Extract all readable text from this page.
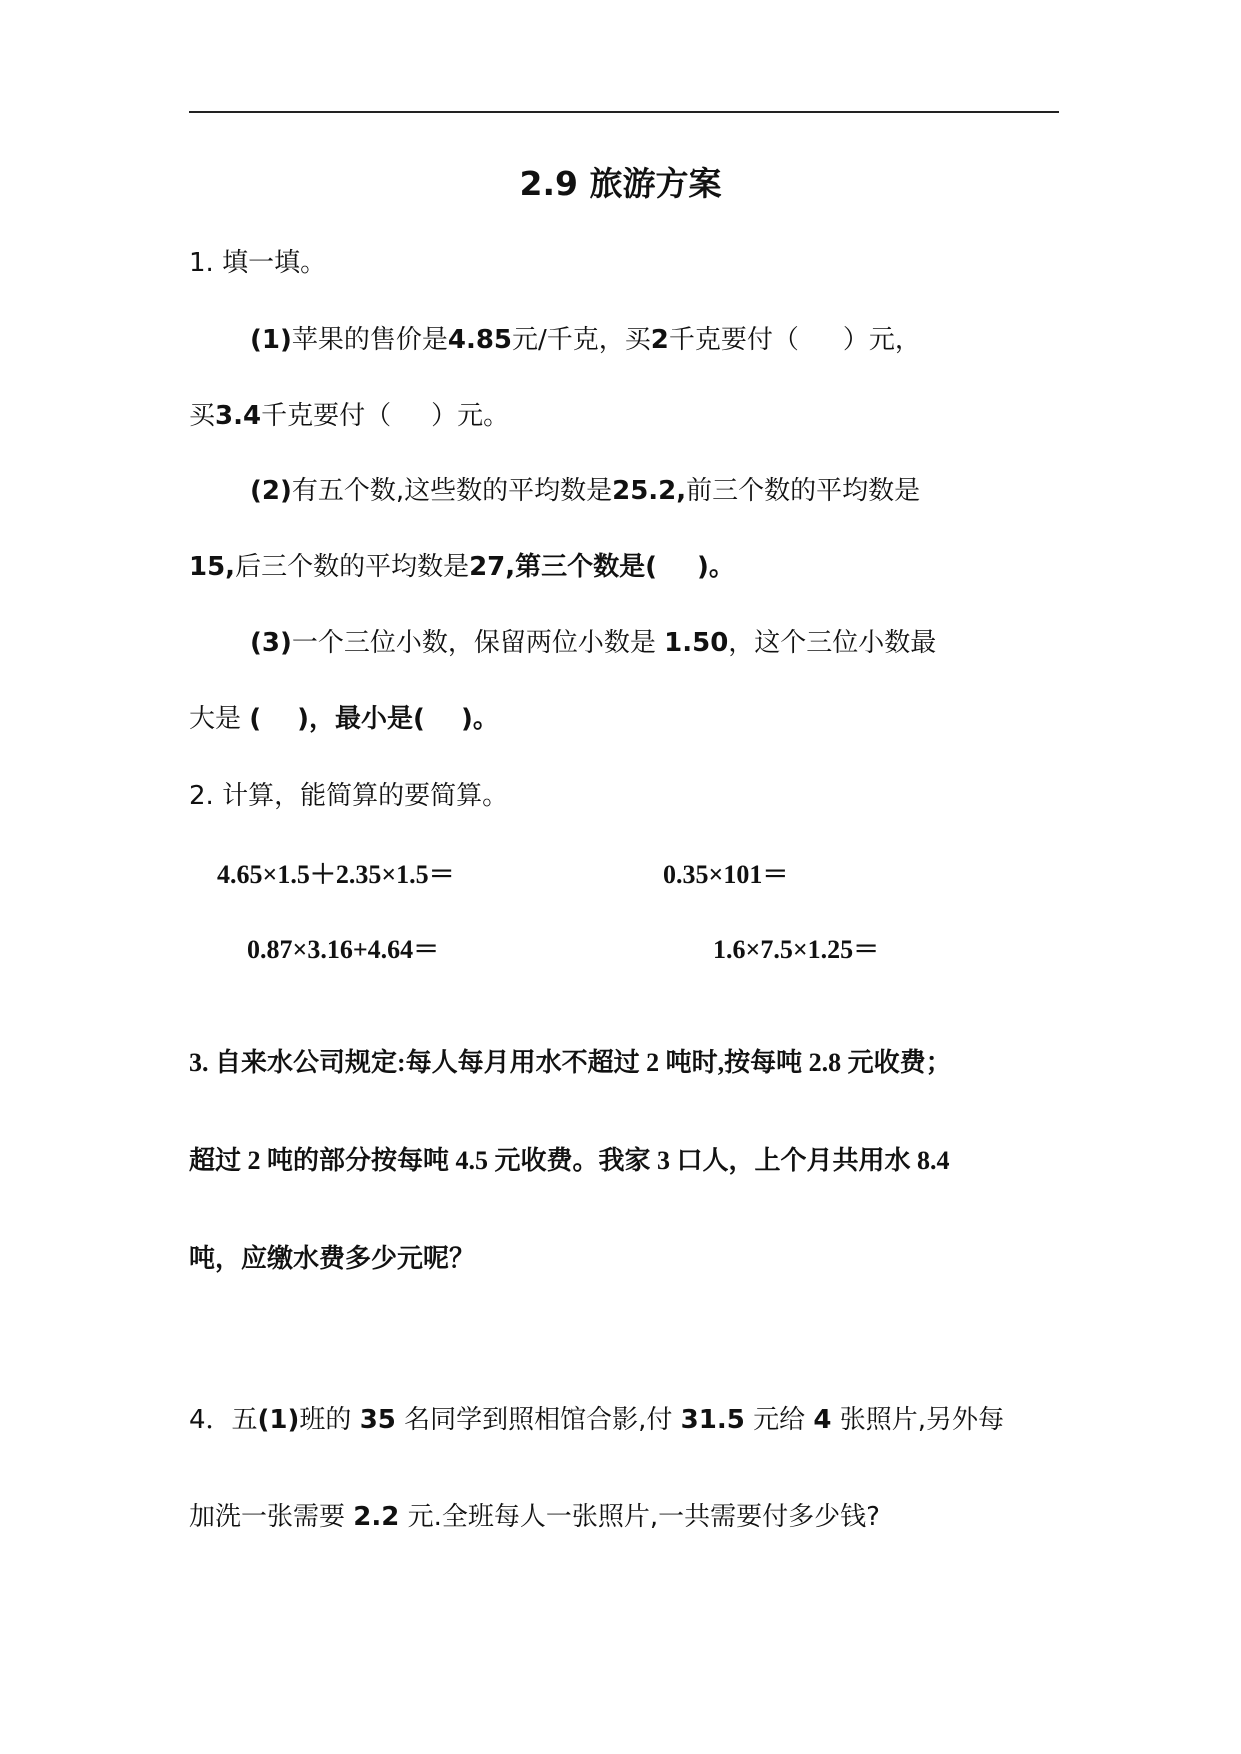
2.9 旅游方案
1. 填一填。
(1)苹果的售价是4.85元/千克，买2千克要付（ ）元，
买3.4千克要付（ ）元。
(2)有五个数,这些数的平均数是25.2,前三个数的平均数是
15,后三个数的平均数是27,第三个数是( )。
(3)一个三位小数，保留两位小数是 1.50，这个三位小数最
大是 ( )，最小是( )。
2. 计算，能简算的要简算。
4.65×1.5＋2.35×1.5＝	0.35×101＝
0.87×3.16+4.64＝	1.6×7.5×1.25＝
3. 自来水公司规定:每人每月用水不超过 2 吨时,按每吨 2.8 元收费；
超过 2 吨的部分按每吨 4.5 元收费。我家 3 口人，上个月共用水 8.4
吨，应缴水费多少元呢？
4．五(1)班的 35 名同学到照相馆合影,付 31.5 元给 4 张照片,另外每
加洗一张需要 2.2 元.全班每人一张照片,一共需要付多少钱?
